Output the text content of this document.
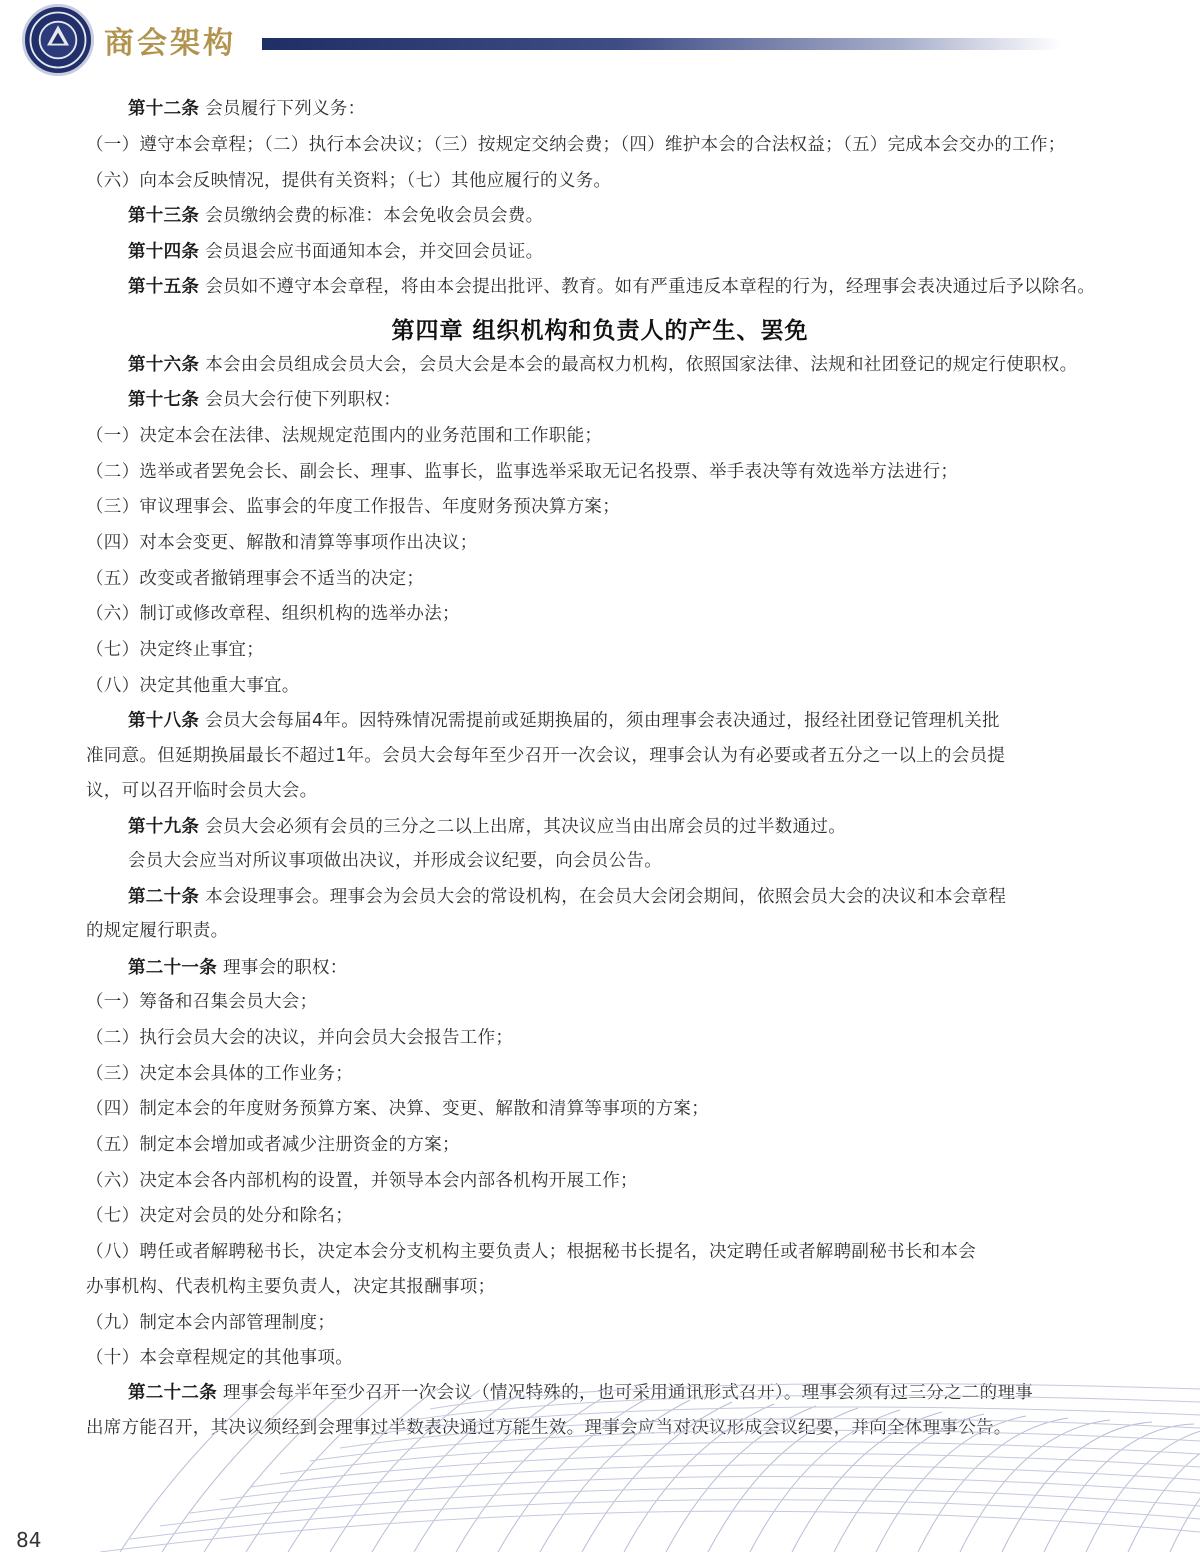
商会架构
第四章 组织机构和负责人的产生、罢免
第十二条 会员履行下列义务：
（一）遵守本会章程；（二）执行本会决议；（三）按规定交纳会费；（四）维护本会的合法权益；（五）完成本会交办的工作；
（六）向本会反映情况，提供有关资料；（七）其他应履行的义务。
第十三条 会员缴纳会费的标准：本会免收会员会费。
第十四条 会员退会应书面通知本会，并交回会员证。
第十五条 会员如不遵守本会章程，将由本会提出批评、教育。如有严重违反本章程的行为，经理事会表决通过后予以除名。
第十六条 本会由会员组成会员大会，会员大会是本会的最高权力机构，依照国家法律、法规和社团登记的规定行使职权。
第十七条 会员大会行使下列职权：
（一）决定本会在法律、法规规定范围内的业务范围和工作职能；
（二）选举或者罢免会长、副会长、理事、监事长，监事选举采取无记名投票、举手表决等有效选举方法进行；
（三）审议理事会、监事会的年度工作报告、年度财务预决算方案；
（四）对本会变更、解散和清算等事项作出决议；
（五）改变或者撤销理事会不适当的决定；
（六）制订或修改章程、组织机构的选举办法；
（七）决定终止事宜；
（八）决定其他重大事宜。
第十八条 会员大会每届4年。因特殊情况需提前或延期换届的，须由理事会表决通过，报经社团登记管理机关批
准同意。但延期换届最长不超过1年。会员大会每年至少召开一次会议，理事会认为有必要或者五分之一以上的会员提
议，可以召开临时会员大会。
第十九条 会员大会必须有会员的三分之二以上出席，其决议应当由出席会员的过半数通过。
会员大会应当对所议事项做出决议，并形成会议纪要，向会员公告。
第二十条 本会设理事会。理事会为会员大会的常设机构，在会员大会闭会期间，依照会员大会的决议和本会章程
的规定履行职责。
第二十一条 理事会的职权：
（一）筹备和召集会员大会；
（二）执行会员大会的决议，并向会员大会报告工作；
（三）决定本会具体的工作业务；
（四）制定本会的年度财务预算方案、决算、变更、解散和清算等事项的方案；
（五）制定本会增加或者减少注册资金的方案；
（六）决定本会各内部机构的设置，并领导本会内部各机构开展工作；
（七）决定对会员的处分和除名；
（八）聘任或者解聘秘书长，决定本会分支机构主要负责人；根据秘书长提名，决定聘任或者解聘副秘书长和本会
办事机构、代表机构主要负责人，决定其报酬事项；
（九）制定本会内部管理制度；
（十）本会章程规定的其他事项。
第二十二条 理事会每半年至少召开一次会议（情况特殊的，也可采用通讯形式召开）。理事会须有过三分之二的理事
出席方能召开，其决议须经到会理事过半数表决通过方能生效。理事会应当对决议形成会议纪要，并向全体理事公告。
84
